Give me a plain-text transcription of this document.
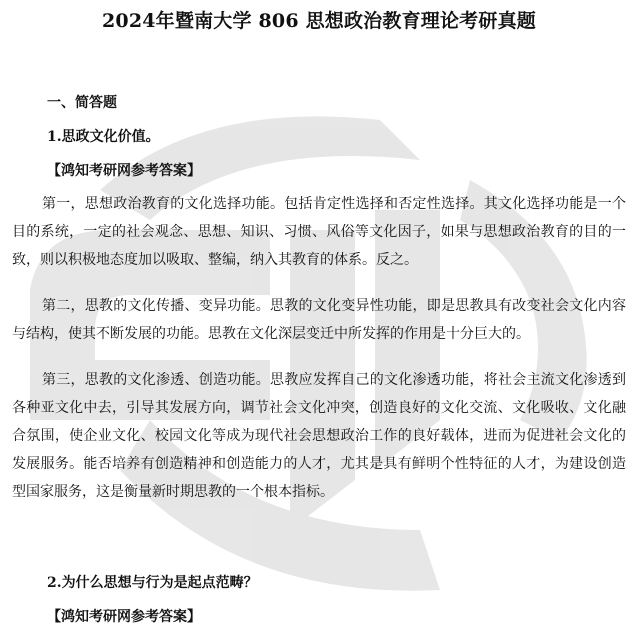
2024年暨南大学 806 思想政治教育理论考研真题
一、简答题
1.思政文化价值。
【鸿知考研网参考答案】

第一，思想政治教育的文化选择功能。包括肯定性选择和否定性选择。其文化选择功能是一个目的系统，一定的社会观念、思想、知识、习惯、风俗等文化因子，如果与思想政治教育的目的一致，则以积极地态度加以吸取、整编，纳入其教育的体系。反之。

第二，思教的文化传播、变异功能。思教的文化变异性功能，即是思教具有改变社会文化内容与结构，使其不断发展的功能。思教在文化深层变迁中所发挥的作用是十分巨大的。

第三，思教的文化渗透、创造功能。思教应发挥自己的文化渗透功能，将社会主流文化渗透到各种亚文化中去，引导其发展方向，调节社会文化冲突，创造良好的文化交流、文化吸收、文化融合氛围，使企业文化、校园文化等成为现代社会思想政治工作的良好载体，进而为促进社会文化的发展服务。能否培养有创造精神和创造能力的人才，尤其是具有鲜明个性特征的人才，为建设创造型国家服务，这是衡量新时期思教的一个根本指标。

2.为什么思想与行为是起点范畴？
【鸿知考研网参考答案】
